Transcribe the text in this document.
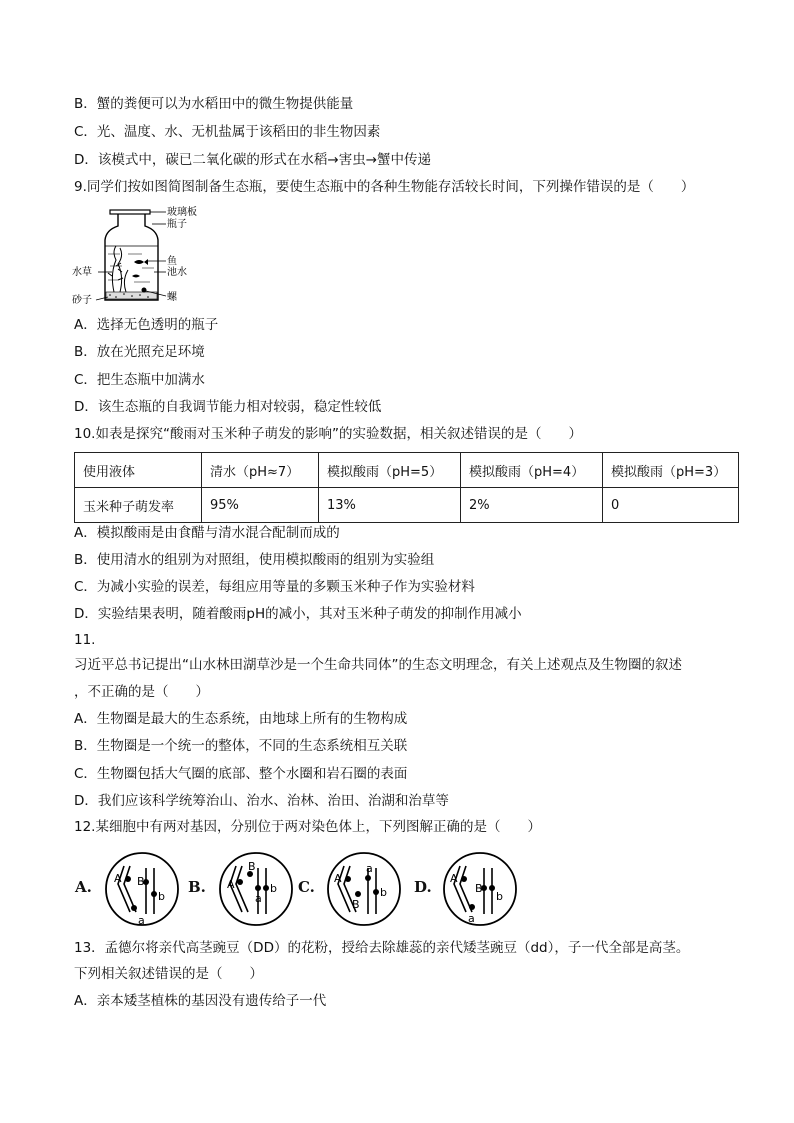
B．蟹的粪便可以为水稻田中的微生物提供能量
C．光、温度、水、无机盐属于该稻田的非生物因素
D．该模式中，碳已二氧化碳的形式在水稻→害虫→蟹中传递
9.同学们按如图简图制备生态瓶，要使生态瓶中的各种生物能存活较长时间，下列操作错误的是（　　）
玻璃板
瓶子
鱼
池水
水草
砂子	螺
A．选择无色透明的瓶子
B．放在光照充足环境
C．把生态瓶中加满水
D．该生态瓶的自我调节能力相对较弱，稳定性较低
10.如表是探究“酸雨对玉米种子萌发的影响”的实验数据，相关叙述错误的是（　　）
使用液体	清水（pH≈7）	模拟酸雨（pH=5）	模拟酸雨（pH=4）	模拟酸雨（pH=3）
玉米种子萌发率	95%	13%	2%	0
A．模拟酸雨是由食醋与清水混合配制而成的
B．使用清水的组别为对照组，使用模拟酸雨的组别为实验组
C．为减小实验的误差，每组应用等量的多颗玉米种子作为实验材料
D．实验结果表明，随着酸雨pH的减小，其对玉米种子萌发的抑制作用减小
11.
习近平总书记提出“山水林田湖草沙是一个生命共同体”的生态文明理念，有关上述观点及生物圈的叙述
，不正确的是（　　）
A．生物圈是最大的生态系统，由地球上所有的生物构成
B．生物圈是一个统一的整体，不同的生态系统相互关联
C．生物圈包括大气圈的底部、整个水圈和岩石圈的表面
D．我们应该科学统筹治山、治水、治林、治田、治湖和治草等
12.某细胞中有两对基因，分别位于两对染色体上，下列图解正确的是（　　）
A.	B.	C.	D.
A
a
B
b
A
B
a
b
A
a
B
b
A
a
B
b
13．孟德尔将亲代高茎豌豆（DD）的花粉，授给去除雄蕊的亲代矮茎豌豆（dd），子一代全部是高茎。
下列相关叙述错误的是（　　）
A．亲本矮茎植株的基因没有遗传给子一代
